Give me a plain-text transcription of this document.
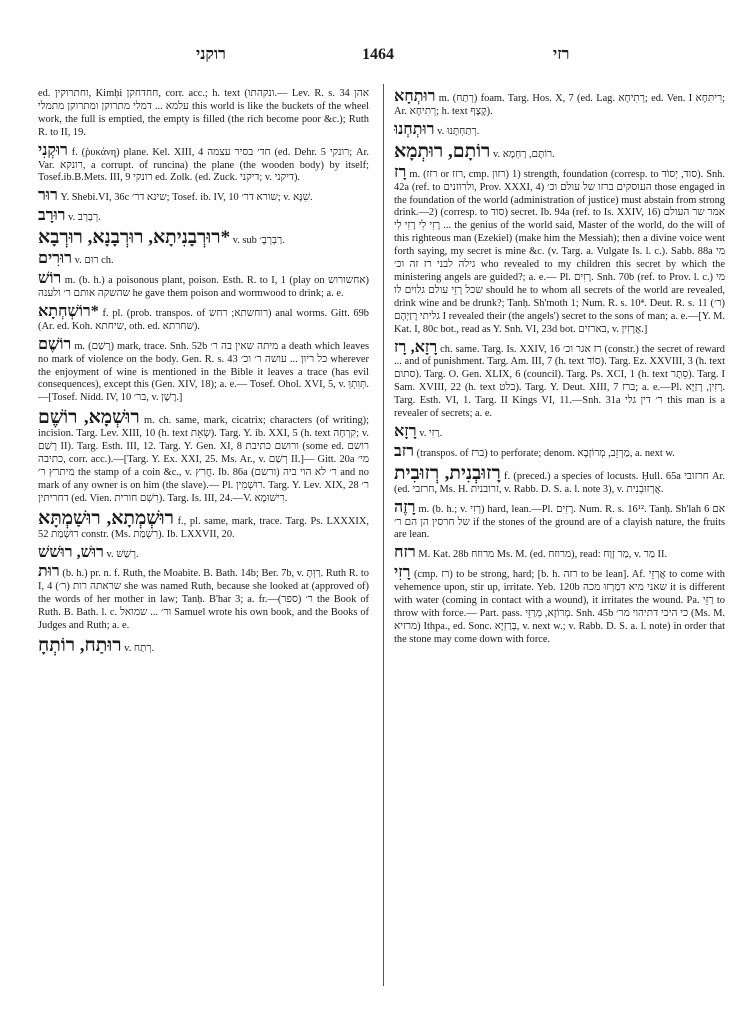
רוקני	1464	רזי
ed. וחתרוקין, Kimḥi חחדחקן, corr. acc.; h. text (ונקהתו.— Lev. R. s. 34 אהן עלמא ... דמלי מתרוקן ומתרוקן מתמלי this world is like the buckets of the wheel work, the full is emptied, the empty is filled (the rich become poor &c.); Ruth R. to II, 19.
רוּקְנִי f. (ῥυκάνη) plane. Kel. XIII, 4 חד׳ בסיר עצמה (ed. Dehr. 5 רונקי; Ar. Var. רונקא, a corrupt. of runcina) the plane (the wooden body) by itself; Tosef.ib.B.Mets. III, 9 רונקי ed. Zolk. (ed. Zuck. דיקני; v. דיקני).
רוּר Y. Shebi.VI, 36c שינא דר׳; Tosef. ib. IV, 10 שורא דר׳; v. שִׁנָּא.
רוּרָב v. רְבַרְב.
*רוּרְבָנִיתָא, רוּרְבָנָא, רוּרְבָא v. sub רַבְרְבָ׳.
רוּרִים v. רוּם ch.
רוֹשׁ m. (b. h.) a poisonous plant, poison. Esth. R. to I, 1 (play on אחשורוש) שהשקה אותם ר׳ ולענה he gave them poison and wormwood to drink; a. e.
*רוֹשְׁחְתָא f. pl. (prob. transpos. of רוחשתא; רחש) anal worms. Gitt. 69b (Ar. ed. Koh. שיחתא, oth. ed. שחרתא).
רוֹשֶׁם m. (רָשַׁם) mark, trace. Snh. 52b מיתה שאין בה ר׳ a death which leaves no mark of violence on the body. Gen. R. s. 43 כל ריון ... עושה ר׳ וכ׳ wherever the enjoyment of wine is mentioned in the Bible it leaves a trace (has evil consequences), except this (Gen. XIV, 18); a. e.— Tosef. Ohol. XVI, 5, v. תְּוִתְוְּ.—[Tosef. Nidd. IV, 10 בר׳, v. רֶשֶׁן.]
רוּשְׁמָא, רוֹשֶׁם m. ch. same, mark, cicatrix; characters (of writing); incision. Targ. Lev. XIII, 10 (h. text שְׂאֵת). Targ. Y. ib. XXI, 5 (h. text קִרְחָה; v. רְשַׁם II). Targ. Esth. III, 12. Targ. Y. Gen. XI, 8 ורושם כתיבת (some ed. רושם כתיבה, corr. acc.).—[Targ. Y. Ex. XXI, 25. Ms. Ar., v. רְשַׁם II.]— Gitt. 20a מי׳ מיתרץ ר׳ the stamp of a coin &c., v. חֲרִץ. Ib. 86a (ורשם) ר׳ לא הוי ביה and no mark of any owner is on him (the slave).— Pl. רוּשְׁמִין. Targ. Y. Lev. XIX, 28 ר׳ דחריתין (ed. Vien. רִשְׁם חורית). Targ. Is. III, 24.—V. רִישׁוּמָא.
רוּשְׁמְתָא, רוּשַׁמְתָּא f., pl. same, mark, trace. Targ. Ps. LXXXIX, 52 רוּשְׁמַת constr. (Ms. רִשְׁמַת). Ib. LXXVII, 20.
רוּשׁ, רוּשׁשׁ v. רְשַׁשׁ.
רוּת (b. h.) pr. n. f. Ruth, the Moabite. B. Bath. 14b; Ber. 7b, v. רַוְּתָ. Ruth R. to I, 4 (ר׳) שראתה רות she was named Ruth, because she looked at (approved of) the words of her mother in law; Tanḥ. B'har 3; a. fr.—(ספר) ר׳ the Book of Ruth. B. Bath. l. c. ור׳ ... שמואל Samuel wrote his own book, and the Books of Judges and Ruth; a. e.
רוּתַח, רוֹתְחָ v. רְתַח.
רוּתְחָא m. (רְתַח) foam. Targ. Hos. X, 7 (ed. Lag. רְתִיחָא; ed. Ven. I רִיתִּחָא; Ar. רְתִיחָא; h. text קֶצֶף).
רוּתְחְנוּ v. רְתַחְתָּנוּ.
רוֹתָם, רוּתְמָא v. רוֹתֶם, רַחְמָא.
רָז m. (רזז or רזז, cmp. רזון) 1) strength, foundation (corresp. to סוד, יְסוֹד). Snh. 42a (ref. to ולרוזנים, Prov. XXXI, 4) העוסקים ברזו של עולם וכ׳ those engaged in the foundation of the world (administration of justice) must abstain from strong drink.—2) (corresp. to סוד) secret. Ib. 94a (ref. to Is. XXIV, 16) אמר שר העולם ... רָזִי לִי רָזִי לִי the genius of the world said, Master of the world, do the will of this righteous man (Ezekiel) (make him the Messiah); then a divine voice went forth saying, my secret is mine &c. (v. Targ. a. Vulgate Is. l. c.). Sabb. 88a מי גילה לבני רז זה וכ׳ who revealed to my children this secret by which the ministering angels are guided?; a. e.— Pl. רָזִים. Snh. 70b (ref. to Prov. l. c.) מי שכל רָזֵי עולם גלוים לו should he to whom all secrets of the world are revealed, drink wine and be drunk?; Tanḥ. Sh'moth 1; Num. R. s. 10⁴. Deut. R. s. 11 (ר׳) גליתי רָזַיְהָם I revealed their (the angels') secret to the sons of man; a. e.—[Y. M. Kat. I, 80c bot., read as Y. Snh. VI, 23d bot. בארזים, v. אֲרָזִין.]
רָזָא, רָז ch. same. Targ. Is. XXIV, 16 רז אגר וכ׳ (constr.) the secret of reward ... and of punishment. Targ. Am. III, 7 (h. text סוֹד). Targ. Ez. XXVIII, 3 (h. text סתום). Targ. O. Gen. XLIX, 6 (council). Targ. Ps. XCI, 1 (h. text סֵתֶר). Targ. I Sam. XVIII, 22 (h. text בלט). Targ. Y. Deut. XIII, 7 ברז; a. e.—Pl. רָזִין, רָזַיָּא. Targ. Esth. VI, 1. Targ. II Kings VI, 11.—Snh. 31a ר׳ דין גלי this man is a revealer of secrets; a. e.
רָזָא v. רַזִי.
רזב (transpos. of ברז) to perforate; denom. מַרְזֵב, מְרוֹזְבָא, a. next w.
רָזוּבְנִית, רְזוּבִית f. (preced.) a species of locusts. Ḥull. 65a חרזובי Ar. (ed. חרזבי, Ms. H. זרובנית, v. Rabb. D. S. a. l. note 3), v. אֲרְזוּבְנִית.
רָזֶה m. (b. h.; v. רְזִי) hard, lean.—Pl. רָזִים. Num. R. s. 16¹². Tanḥ. Sh'lah 6 אם של חרסין הן הם ר׳ if the stones of the ground are of a clayish nature, the fruits are lean.
רזח M. Kat. 28b מרוזח Ms. M. (ed. מרוזח), read: מַר זָוַח, v. מַר II.
רָזִי (cmp. רז) to be strong, hard; [b. h. רזה to be lean]. Af. אֲרְזֵי to come with vehemence upon, stir up, irritate. Yeb. 120b שאני מיא דמַרְזוּ מכה it is different with water (coming in contact with a wound), it irritates the wound. Pa. רַזֵּי to throw with force.— Part. pass. מְרוֹזָא, מְרַזֵּי. Snh. 45b כי היכי דתיהוי מר׳ (Ms. M. מרזיא) Ithpa., ed. Sonc. בְּרַזְיָא, v. next w.; v. Rabb. D. S. a. l. note) in order that the stone may come down with force.
